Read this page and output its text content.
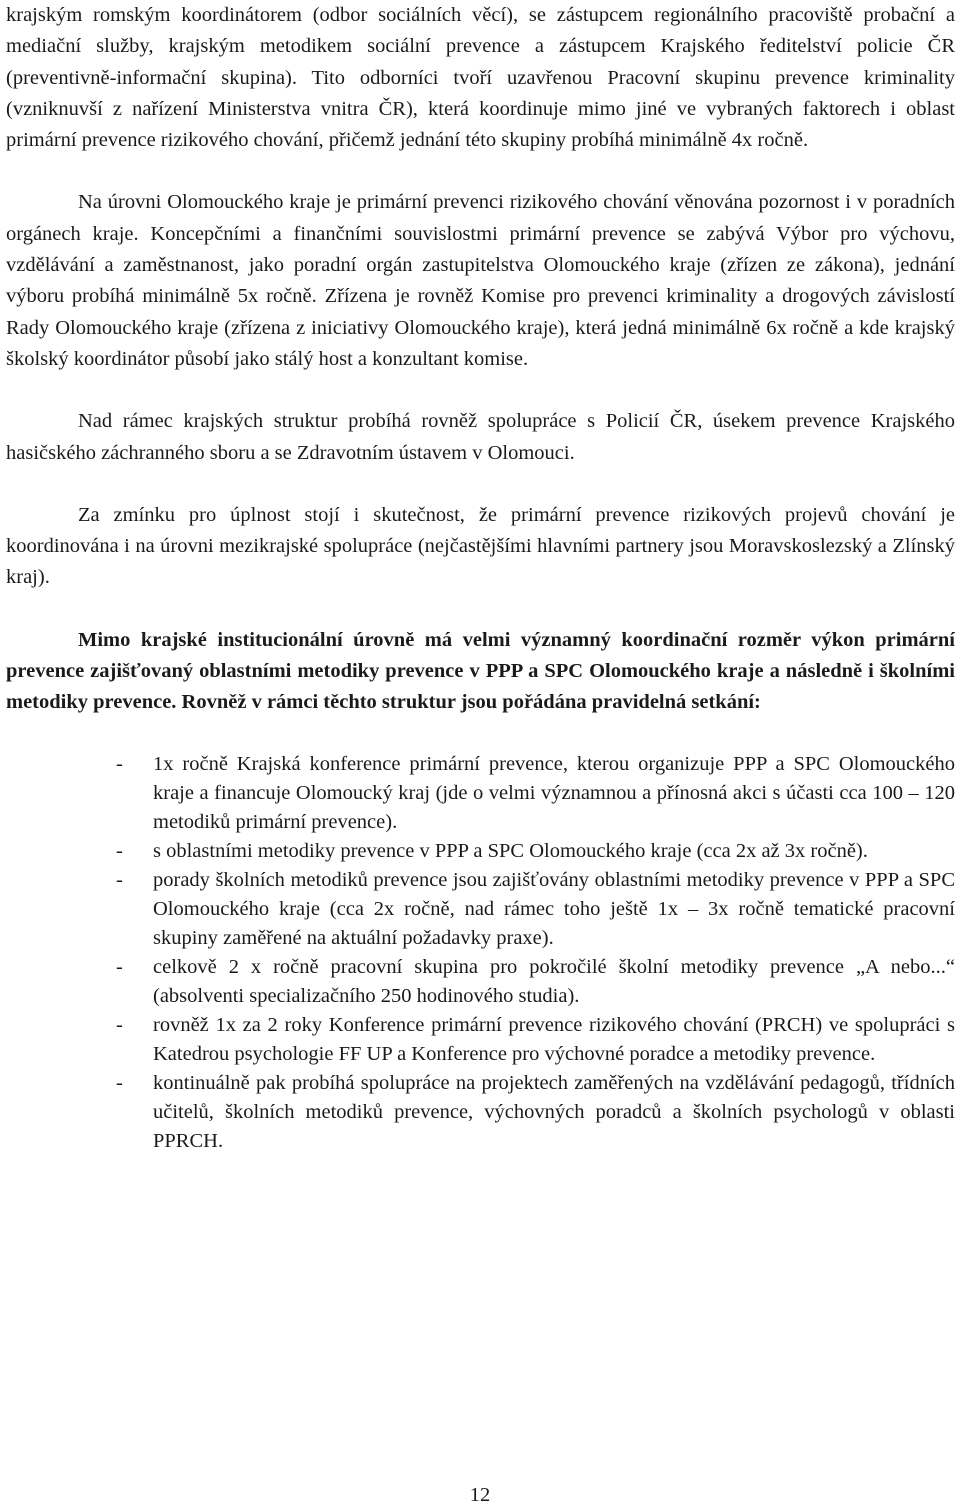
krajským romským koordinátorem (odbor sociálních věcí), se zástupcem regionálního pracoviště probační a mediační služby, krajským metodikem sociální prevence a zástupcem Krajského ředitelství policie ČR (preventivně-informační skupina). Tito odborníci tvoří uzavřenou Pracovní skupinu prevence kriminality (vzniknuvší z nařízení Ministerstva vnitra ČR), která koordinuje mimo jiné ve vybraných faktorech i oblast primární prevence rizikového chování, přičemž jednání této skupiny probíhá minimálně 4x ročně.

Na úrovni Olomouckého kraje je primární prevenci rizikového chování věnována pozornost i v poradních orgánech kraje. Koncepčními a finančními souvislostmi primární prevence se zabývá Výbor pro výchovu, vzdělávání a zaměstnanost, jako poradní orgán zastupitelstva Olomouckého kraje (zřízen ze zákona), jednání výboru probíhá minimálně 5x ročně. Zřízena je rovněž Komise pro prevenci kriminality a drogových závislostí Rady Olomouckého kraje (zřízena z iniciativy Olomouckého kraje), která jedná minimálně 6x ročně a kde krajský školský koordinátor působí jako stálý host a konzultant komise.

Nad rámec krajských struktur probíhá rovněž spolupráce s Policií ČR, úsekem prevence Krajského hasičského záchranného sboru a se Zdravotním ústavem v Olomouci.

Za zmínku pro úplnost stojí i skutečnost, že primární prevence rizikových projevů chování je koordinována i na úrovni mezikrajské spolupráce (nejčastějšími hlavními partnery jsou Moravskoslezský a Zlínský kraj).

Mimo krajské institucionální úrovně má velmi významný koordinační rozměr výkon primární prevence zajišťovaný oblastními metodiky prevence v PPP a SPC Olomouckého kraje a následně i školními metodiky prevence. Rovněž v rámci těchto struktur jsou pořádána pravidelná setkání:

- 1x ročně Krajská konference primární prevence, kterou organizuje PPP a SPC Olomouckého kraje a financuje Olomoucký kraj (jde o velmi významnou a přínosná akci s účasti cca 100 – 120 metodiků primární prevence).
- s oblastními metodiky prevence v PPP a SPC Olomouckého kraje (cca 2x až 3x ročně).
- porady školních metodiků prevence jsou zajišťovány oblastními metodiky prevence v PPP a SPC Olomouckého kraje (cca 2x ročně, nad rámec toho ještě 1x – 3x ročně tematické pracovní skupiny zaměřené na aktuální požadavky praxe).
- celkově 2 x ročně pracovní skupina pro pokročilé školní metodiky prevence „A nebo...“ (absolventi specializačního 250 hodinového studia).
- rovněž 1x za 2 roky Konference primární prevence rizikového chování (PRCH) ve spolupráci s Katedrou psychologie FF UP a Konference pro výchovné poradce a metodiky prevence.
- kontinuálně pak probíhá spolupráce na projektech zaměřených na vzdělávání pedagogů, třídních učitelů, školních metodiků prevence, výchovných poradců a školních psychologů v oblasti PPRCH.
12
